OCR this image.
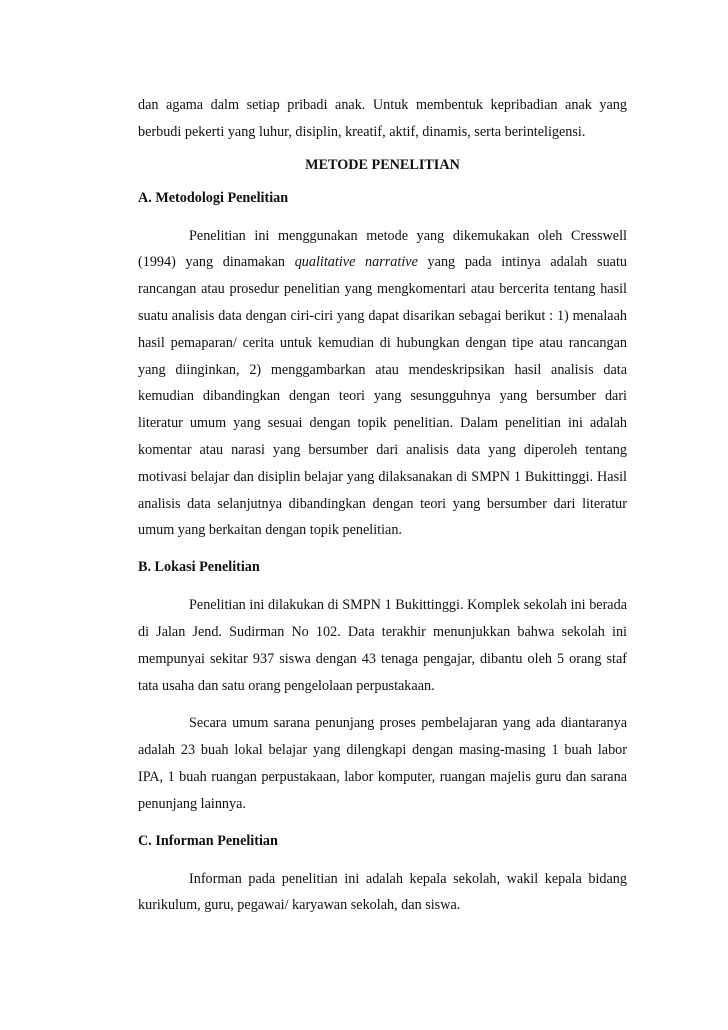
dan agama dalm setiap pribadi anak. Untuk membentuk kepribadian anak yang berbudi pekerti yang luhur, disiplin, kreatif, aktif, dinamis, serta berinteligensi.

METODE PENELITIAN
A. Metodologi Penelitian

Penelitian ini menggunakan metode yang dikemukakan oleh Cresswell (1994) yang dinamakan qualitative narrative yang pada intinya adalah suatu rancangan atau prosedur penelitian yang mengkomentari atau bercerita tentang hasil suatu analisis data dengan ciri-ciri yang dapat disarikan sebagai berikut : 1) menalaah hasil pemaparan/ cerita untuk kemudian di hubungkan dengan tipe atau rancangan yang diinginkan, 2) menggambarkan atau mendeskripsikan hasil analisis data kemudian dibandingkan dengan teori yang sesungguhnya yang bersumber dari literatur umum yang sesuai dengan topik penelitian. Dalam penelitian ini adalah komentar atau narasi yang bersumber dari analisis data yang diperoleh tentang motivasi belajar dan disiplin belajar yang dilaksanakan di SMPN 1 Bukittinggi. Hasil analisis data selanjutnya dibandingkan dengan teori yang bersumber dari literatur umum yang berkaitan dengan topik penelitian.

B. Lokasi Penelitian

Penelitian ini dilakukan di SMPN 1 Bukittinggi. Komplek sekolah ini berada di Jalan Jend. Sudirman No 102. Data terakhir menunjukkan bahwa sekolah ini mempunyai sekitar 937 siswa dengan 43 tenaga pengajar, dibantu oleh 5 orang staf tata usaha dan satu orang pengelolaan perpustakaan.

Secara umum sarana penunjang proses pembelajaran yang ada diantaranya adalah 23 buah lokal belajar yang dilengkapi dengan masing-masing 1 buah labor IPA, 1 buah ruangan perpustakaan, labor komputer, ruangan majelis guru dan sarana penunjang lainnya.

C. Informan Penelitian

Informan pada penelitian ini adalah kepala sekolah, wakil kepala bidang kurikulum, guru, pegawai/ karyawan sekolah, dan siswa.
